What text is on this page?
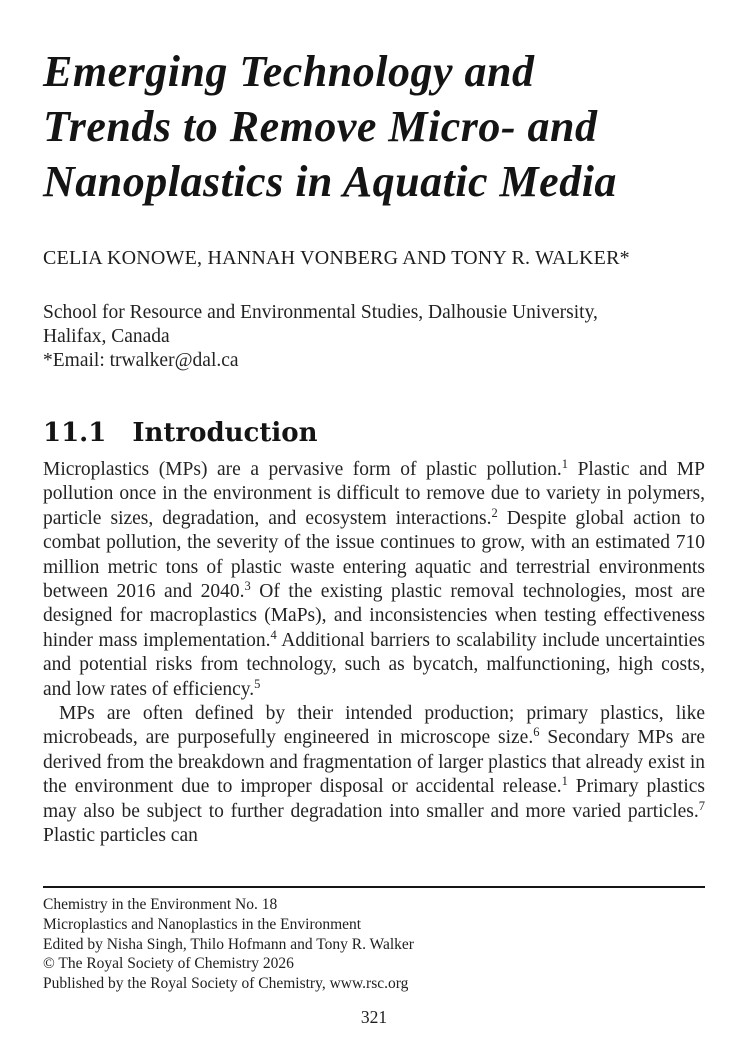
Emerging Technology and
Trends to Remove Micro- and
Nanoplastics in Aquatic Media
CELIA KONOWE, HANNAH VONBERG AND TONY R. WALKER*
School for Resource and Environmental Studies, Dalhousie University,
Halifax, Canada
*Email: trwalker@dal.ca
11.1 Introduction

Microplastics (MPs) are a pervasive form of plastic pollution.$^1$ Plastic and MP pollution once in the environment is difficult to remove due to variety in polymers, particle sizes, degradation, and ecosystem interactions.$^2$ Despite global action to combat pollution, the severity of the issue continues to grow, with an estimated 710 million metric tons of plastic waste entering aquatic and terrestrial environments between 2016 and 2040.$^3$ Of the existing plastic removal technologies, most are designed for macroplastics (MaPs), and inconsistencies when testing effectiveness hinder mass implementation.$^4$ Additional barriers to scalability include uncertainties and potential risks from technology, such as bycatch, malfunctioning, high costs, and low rates of efficiency.$^5$

MPs are often defined by their intended production; primary plastics, like microbeads, are purposefully engineered in microscope size.$^6$ Secondary MPs are derived from the breakdown and fragmentation of larger plastics that already exist in the environment due to improper disposal or accidental release.$^1$ Primary plastics may also be subject to further degradation into smaller and more varied particles.$^7$ Plastic particles can

Chemistry in the Environment No. 18
Microplastics and Nanoplastics in the Environment
Edited by Nisha Singh, Thilo Hofmann and Tony R. Walker
© The Royal Society of Chemistry 2026
Published by the Royal Society of Chemistry, www.rsc.org
321
